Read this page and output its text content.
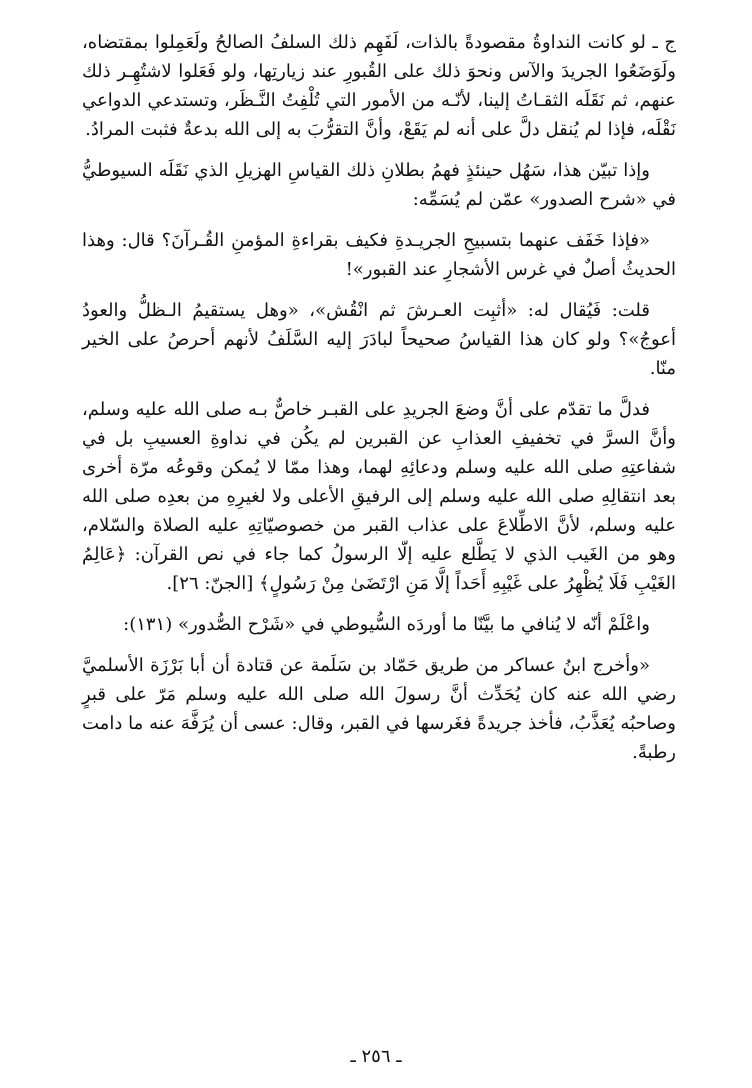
ج ـ لو كانت النداوةُ مقصودةً بالذات، لَفَهِم ذلك السلفُ الصالحُ ولَعَمِلوا بمقتضاه، ولَوَضَعُوا الجريدَ والآس ونحوَ ذلك على القُبورِ عند زيارتِها، ولو فَعَلوا لاشتُهِـر ذلك عنهم، ثم نَقَلَه الثقـاتُ إلينا، لأنّـه من الأمور التي تُلْفِتُ النَّـظَر، وتستدعي الدواعي نَقْلَه، فإذا لم يُنقل دلَّ على أنه لم يَقَعْ، وأنَّ التقرُّبَ به إلى الله بدعةٌ فثبت المرادُ.

وإذا تبيّن هذا، سَهُل حينئذٍ فهمُ بطلانِ ذلك القياسِ الهزيلِ الذي نَقَلَه السيوطيُّ في «شرح الصدور» عمّن لم يُسَمِّه:

«فإذا خَفَف عنهما بتسبيحِ الجريـدةِ فكيف بقراءةِ المؤمنِ القُـرآنَ؟ قال: وهذا الحديثُ أصلٌ في غرس الأشجارِ عند القبور»!

قلت: فَيُقال له: «أثبِت العـرشَ ثم انْقُش»، «وهل يستقيمُ الـظلُّ والعودُ أعوجُ»؟ ولو كان هذا القياسُ صحيحاً لبادَرَ إليه السَّلَفُ لأنهم أحرصُ على الخير منّا.

فدلَّ ما تقدّم على أنَّ وضعَ الجريدِ على القبـر خاصٌّ بـه صلى الله عليه وسلم، وأنَّ السرَّ في تخفيفِ العذابِ عن القبرين لم يكُن في نداوةِ العسيبِ بل في شفاعتِهِ صلى الله عليه وسلم ودعائِهِ لهما، وهذا ممّا لا يُمكن وقوعُه مرّة أخرى بعد انتقالِهِ صلى الله عليه وسلم إلى الرفيقِ الأعلى ولا لغيرِهِ من بعدِه صلى الله عليه وسلم، لأنَّ الاطِّلاعَ على عذاب القبر من خصوصيّاتِهِ عليه الصلاة والسّلام، وهو من الغَيب الذي لا يَطَّلع عليه إلّا الرسولُ كما جاء في نص القرآن: ﴿عَالِمُ الغَيْبِ فَلَا يُظْهِرُ على غَيْبِهِ أَحَداً إلَّا مَنِ ارْتَضَىٰ مِنْ رَسُولٍ﴾ [الجنّ: ٢٦].

واعْلَمْ أنّه لا يُنافي ما بيَّنّا ما أوردَه السُّيوطي في «شَرْح الصُّدور» (١٣١):

«وأخرج ابنُ عساكر من طريق حَمّاد بن سَلَمة عن قتادة أن أبا بَرْزَة الأسلميَّ رضي الله عنه كان يُحَدِّث أنَّ رسولَ الله صلى الله عليه وسلم مَرّ على قبرٍ وصاحبُه يُعَذَّبُ، فأخذ جريدةً فغَرسها في القبر، وقال: عسى أن يُرَفَّهَ عنه ما دامت رطبةً.

ـ ٢٥٦ ـ
